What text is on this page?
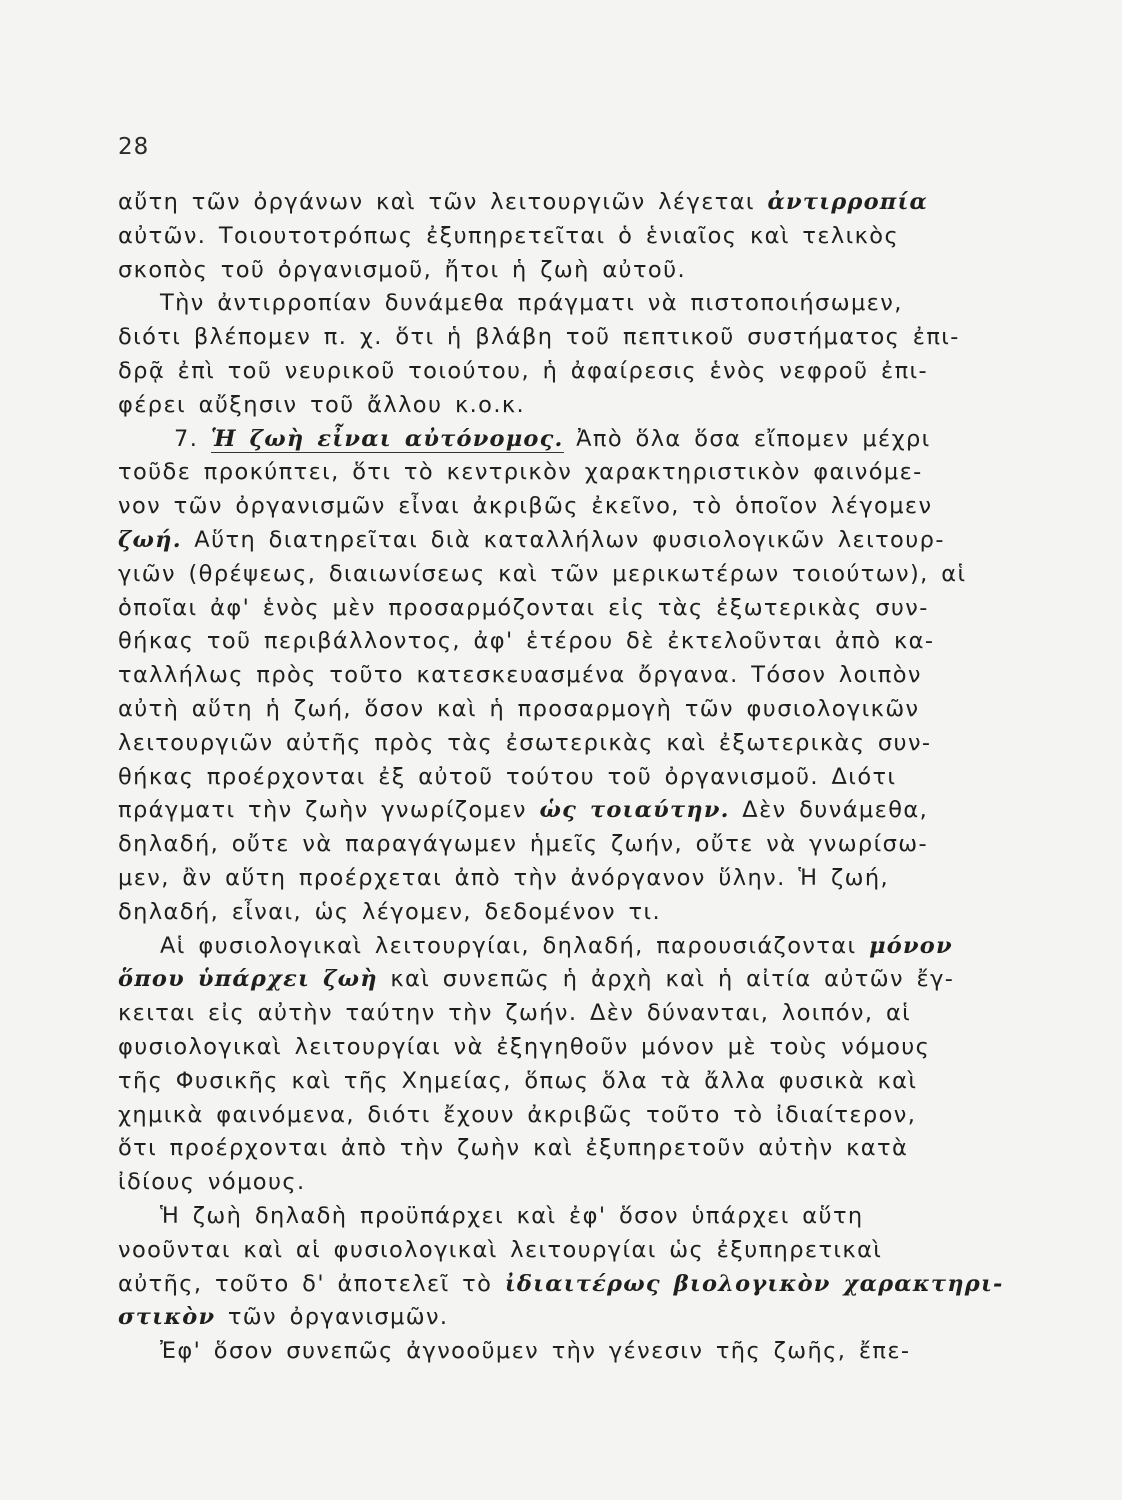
28
αὔτη τῶν ὀργάνων καὶ τῶν λειτουργιῶν λέγεται ἀντιρροπία
αὐτῶν. Τοιουτοτρόπως ἐξυπηρετεῖται ὁ ἑνιαῖος καὶ τελικὸς
σκοπὸς τοῦ ὀργανισμοῦ, ἤτοι ἡ ζωὴ αὐτοῦ.
Τὴν ἀντιρροπίαν δυνάμεθα πράγματι νὰ πιστοποιήσωμεν,
διότι βλέπομεν π. χ. ὅτι ἡ βλάβη τοῦ πεπτικοῦ συστήματος ἐπι-
δρᾷ ἐπὶ τοῦ νευρικοῦ τοιούτου, ἡ ἀφαίρεσις ἑνὸς νεφροῦ ἐπι-
φέρει αὔξησιν τοῦ ἄλλου κ.ο.κ.
7. Ἡ ζωὴ εἶναι αὐτόνομος. Ἀπὸ ὅλα ὅσα εἴπομεν μέχρι
τοῦδε προκύπτει, ὅτι τὸ κεντρικὸν χαρακτηριστικὸν φαινόμε-
νον τῶν ὀργανισμῶν εἶναι ἀκριβῶς ἐκεῖνο, τὸ ὁποῖον λέγομεν
ζωή. Αὕτη διατηρεῖται διὰ καταλλήλων φυσιολογικῶν λειτουρ-
γιῶν (θρέψεως, διαιωνίσεως καὶ τῶν μερικωτέρων τοιούτων), αἱ
ὁποῖαι ἀφ' ἑνὸς μὲν προσαρμόζονται εἰς τὰς ἐξωτερικὰς συν-
θήκας τοῦ περιβάλλοντος, ἀφ' ἑτέρου δὲ ἐκτελοῦνται ἀπὸ κα-
ταλλήλως πρὸς τοῦτο κατεσκευασμένα ὄργανα. Τόσον λοιπὸν
αὐτὴ αὕτη ἡ ζωή, ὅσον καὶ ἡ προσαρμογὴ τῶν φυσιολογικῶν
λειτουργιῶν αὐτῆς πρὸς τὰς ἐσωτερικὰς καὶ ἐξωτερικὰς συν-
θήκας προέρχονται ἐξ αὐτοῦ τούτου τοῦ ὀργανισμοῦ. Διότι
πράγματι τὴν ζωὴν γνωρίζομεν ὡς τοιαύτην. Δὲν δυνάμεθα,
δηλαδή, οὔτε νὰ παραγάγωμεν ἡμεῖς ζωήν, οὔτε νὰ γνωρίσω-
μεν, ἂν αὕτη προέρχεται ἀπὸ τὴν ἀνόργανον ὕλην. Ἡ ζωή,
δηλαδή, εἶναι, ὡς λέγομεν, δεδομένον τι.
Αἱ φυσιολογικαὶ λειτουργίαι, δηλαδή, παρουσιάζονται μόνον
ὅπου ὑπάρχει ζωὴ καὶ συνεπῶς ἡ ἀρχὴ καὶ ἡ αἰτία αὐτῶν ἔγ-
κειται εἰς αὐτὴν ταύτην τὴν ζωήν. Δὲν δύνανται, λοιπόν, αἱ
φυσιολογικαὶ λειτουργίαι νὰ ἐξηγηθοῦν μόνον μὲ τοὺς νόμους
τῆς Φυσικῆς καὶ τῆς Χημείας, ὅπως ὅλα τὰ ἄλλα φυσικὰ καὶ
χημικὰ φαινόμενα, διότι ἔχουν ἀκριβῶς τοῦτο τὸ ἰδιαίτερον,
ὅτι προέρχονται ἀπὸ τὴν ζωὴν καὶ ἐξυπηρετοῦν αὐτὴν κατὰ
ἰδίους νόμους.
Ἡ ζωὴ δηλαδὴ προϋπάρχει καὶ ἐφ' ὅσον ὑπάρχει αὕτη
νοοῦνται καὶ αἱ φυσιολογικαὶ λειτουργίαι ὡς ἐξυπηρετικαὶ
αὐτῆς, τοῦτο δ' ἀποτελεῖ τὸ ἰδιαιτέρως βιολογικὸν χαρακτηρι-
στικὸν τῶν ὀργανισμῶν.
Ἐφ' ὅσον συνεπῶς ἀγνοοῦμεν τὴν γένεσιν τῆς ζωῆς, ἔπε-
